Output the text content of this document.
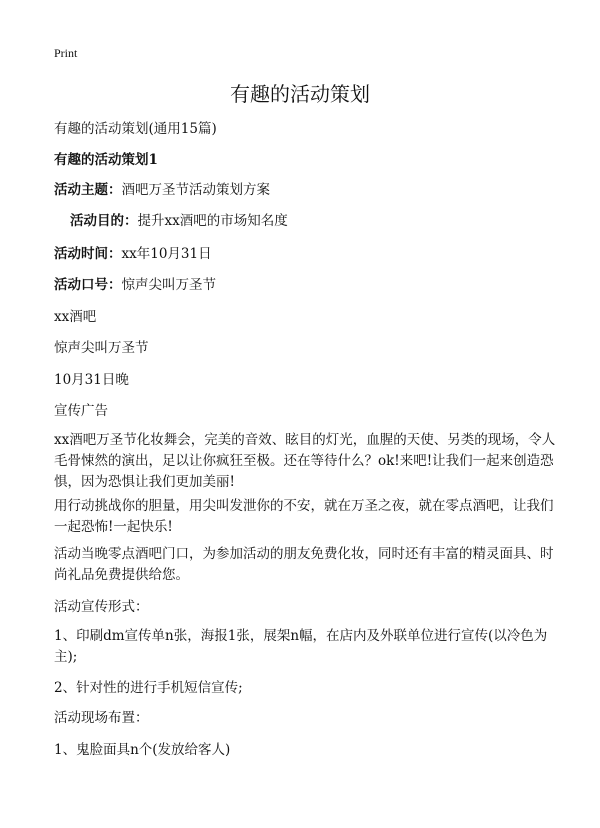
Print
有趣的活动策划
有趣的活动策划(通用15篇)
有趣的活动策划1
活动主题：酒吧万圣节活动策划方案
活动目的：提升xx酒吧的市场知名度
活动时间：xx年10月31日
活动口号：惊声尖叫万圣节
xx酒吧
惊声尖叫万圣节
10月31日晚
宣传广告
xx酒吧万圣节化妆舞会，完美的音效、眩目的灯光，血腥的天使、另类的现场，令人毛骨悚然的演出，足以让你疯狂至极。还在等待什么？ok!来吧!让我们一起来创造恐惧，因为恐惧让我们更加美丽!
用行动挑战你的胆量，用尖叫发泄你的不安，就在万圣之夜，就在零点酒吧，让我们一起恐怖!一起快乐!
活动当晚零点酒吧门口，为参加活动的朋友免费化妆，同时还有丰富的精灵面具、时尚礼品免费提供给您。
活动宣传形式：
1、印刷dm宣传单n张，海报1张，展架n幅，在店内及外联单位进行宣传(以冷色为主);
2、针对性的进行手机短信宣传;
活动现场布置：
1、鬼脸面具n个(发放给客人)
